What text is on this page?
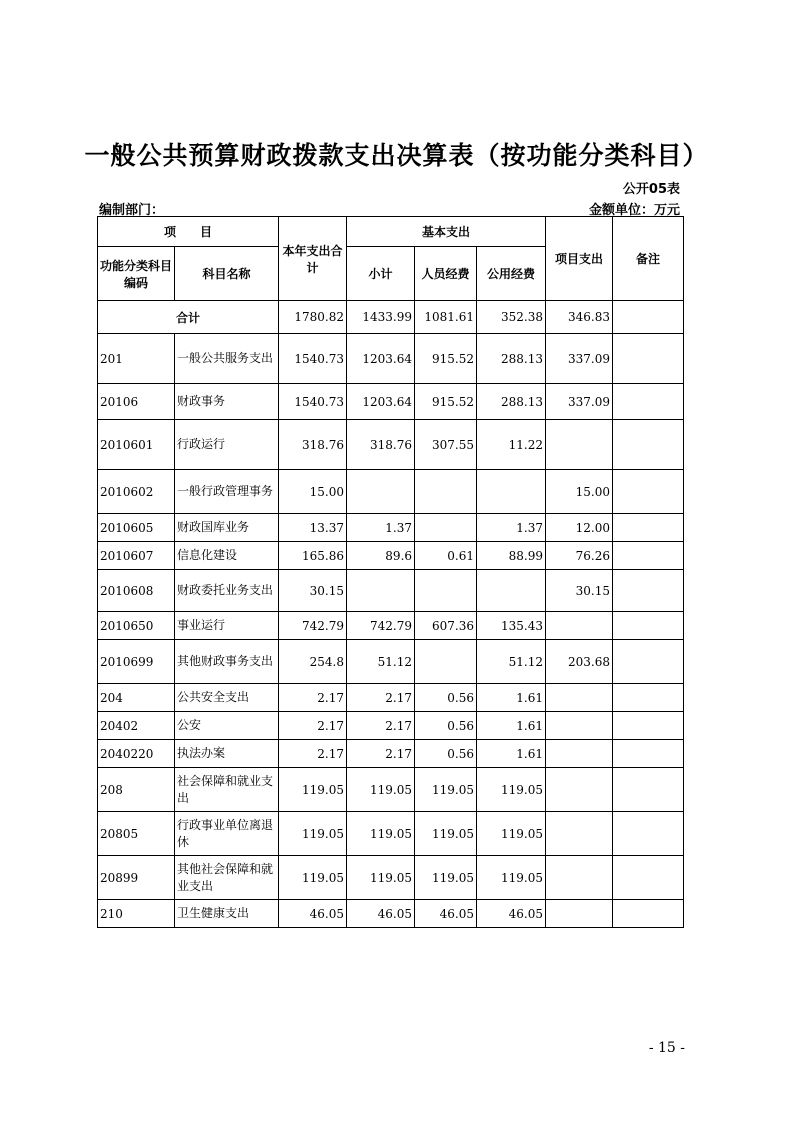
一般公共预算财政拨款支出决算表（按功能分类科目）
公开05表
编制部门：	金额单位：万元
项　　目		本年支出合计	基本支出			项目支出	备注
功能分类科目编码	科目名称		小计	人员经费	公用经费		
合计		1780.82	1433.99	1081.61	352.38	346.83	
201	一般公共服务支出	1540.73	1203.64	915.52	288.13	337.09	
20106	财政事务	1540.73	1203.64	915.52	288.13	337.09	
2010601	行政运行	318.76	318.76	307.55	11.22		
2010602	一般行政管理事务	15.00				15.00	
2010605	财政国库业务	13.37	1.37		1.37	12.00	
2010607	信息化建设	165.86	89.6	0.61	88.99	76.26	
2010608	财政委托业务支出	30.15				30.15	
2010650	事业运行	742.79	742.79	607.36	135.43		
2010699	其他财政事务支出	254.8	51.12		51.12	203.68	
204	公共安全支出	2.17	2.17	0.56	1.61		
20402	公安	2.17	2.17	0.56	1.61		
2040220	执法办案	2.17	2.17	0.56	1.61		
208	社会保障和就业支出	119.05	119.05	119.05	119.05		
20805	行政事业单位离退休	119.05	119.05	119.05	119.05		
20899	其他社会保障和就业支出	119.05	119.05	119.05	119.05		
210	卫生健康支出	46.05	46.05	46.05	46.05		
- 15 -
